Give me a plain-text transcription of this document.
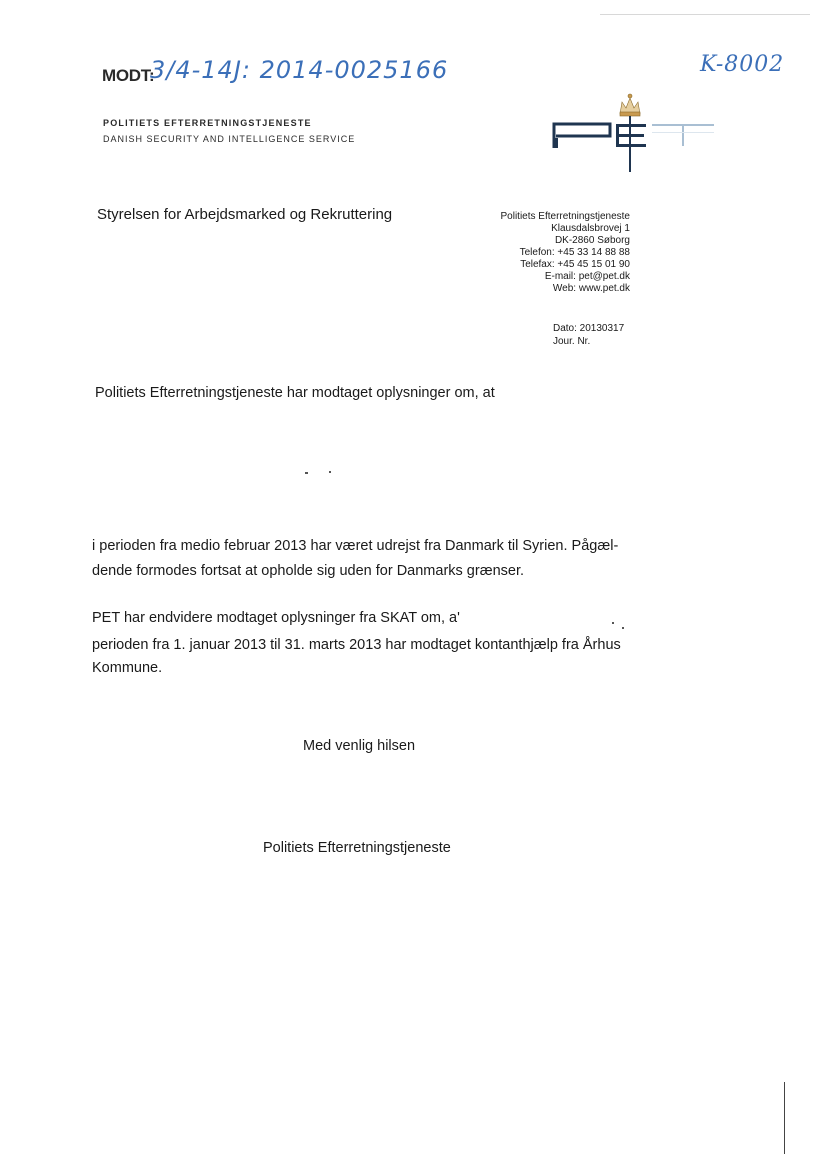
MODT:
3/4-14J: 2014-0025166	K-8002
POLITIETS EFTERRETNINGSTJENESTE
DANISH SECURITY AND INTELLIGENCE SERVICE
Styrelsen for Arbejdsmarked og Rekruttering	Politiets Efterretningstjeneste
Klausdalsbrovej 1
DK-2860 Søborg
Telefon: +45 33 14 88 88
Telefax: +45 45 15 01 90
E-mail: pet@pet.dk
Web: www.pet.dk
Dato: 20130317
Jour. Nr.
Politiets Efterretningstjeneste har modtaget oplysninger om, at
i perioden fra medio februar 2013 har været udrejst fra Danmark til Syrien. Pågæl-
dende formodes fortsat at opholde sig uden for Danmarks grænser.
PET har endvidere modtaget oplysninger fra SKAT om, a'
perioden fra 1. januar 2013 til 31. marts 2013 har modtaget kontanthjælp fra Århus
Kommune.
Med venlig hilsen
Politiets Efterretningstjeneste
